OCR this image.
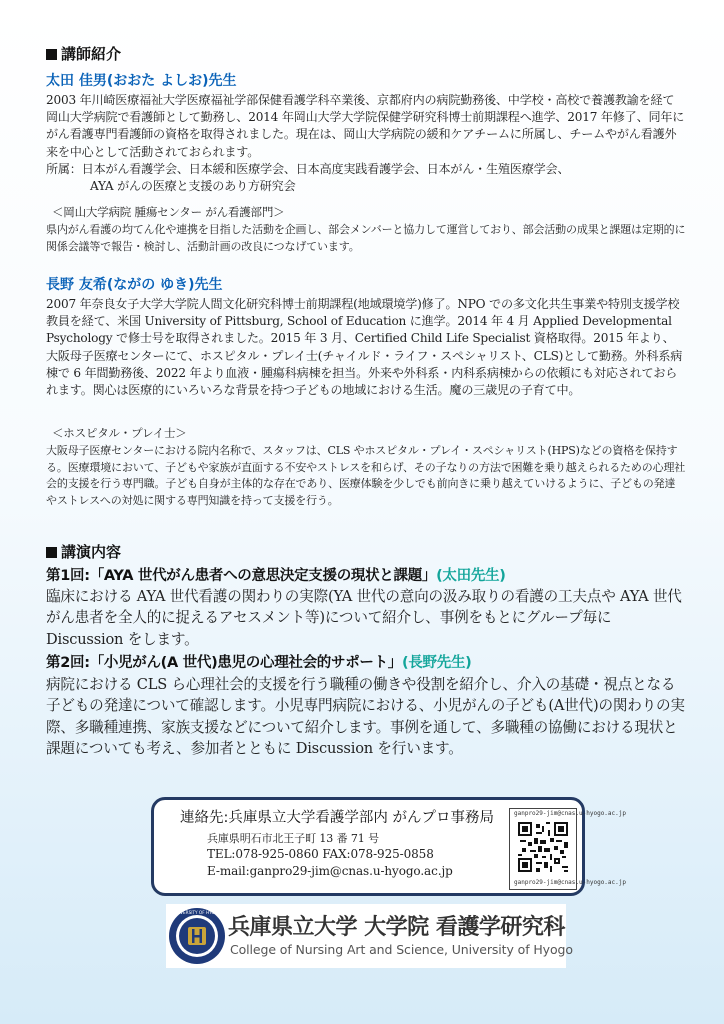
講師紹介
太田 佳男(おおた よしお)先生

2003 年川崎医療福祉大学医療福祉学部保健看護学科卒業後、京都府内の病院勤務後、中学校・高校で養護教諭を経て岡山大学病院で看護師として勤務し、2014 年岡山大学大学院保健学研究科博士前期課程へ進学、2017 年修了、同年にがん看護専門看護師の資格を取得されました。現在は、岡山大学病院の緩和ケアチームに所属し、チームやがん看護外来を中心として活動されておられます。

所属： 日本がん看護学会、日本緩和医療学会、日本高度実践看護学会、日本がん・生殖医療学会、
AYA がんの医療と支援のあり方研究会
＜岡山大学病院 腫瘍センター がん看護部門＞

県内がん看護の均てん化や連携を目指した活動を企画し、部会メンバーと協力して運営しており、部会活動の成果と課題は定期的に関係会議等で報告・検討し、活動計画の改良につなげています。

長野 友希(ながの ゆき)先生

2007 年奈良女子大学大学院人間文化研究科博士前期課程(地域環境学)修了。NPO での多文化共生事業や特別支援学校教員を経て、米国 University of Pittsburg, School of Education に進学。2014 年 4 月 Applied Developmental Psychology で修士号を取得されました。2015 年 3 月、Certified Child Life Specialist 資格取得。2015 年より、大阪母子医療センターにて、ホスピタル・プレイ士(チャイルド・ライフ・スペシャリスト、CLS)として勤務。外科系病棟で 6 年間勤務後、2022 年より血液・腫瘍科病棟を担当。外来や外科系・内科系病棟からの依頼にも対応されておられます。関心は医療的にいろいろな背景を持つ子どもの地域における生活。魔の三歳児の子育て中。

＜ホスピタル・プレイ士＞

大阪母子医療センターにおける院内名称で、スタッフは、CLS やホスピタル・プレイ・スペシャリスト(HPS)などの資格を保持する。医療環境において、子どもや家族が直面する不安やストレスを和らげ、その子なりの方法で困難を乗り越えられるための心理社会的支援を行う専門職。子ども自身が主体的な存在であり、医療体験を少しでも前向きに乗り越えていけるように、子どもの発達やストレスへの対処に関する専門知識を持って支援を行う。

講演内容
第1回:「AYA 世代がん患者への意思決定支援の現状と課題」(太田先生)

臨床における AYA 世代看護の関わりの実際(YA 世代の意向の汲み取りの看護の工夫点や AYA 世代がん患者を全人的に捉えるアセスメント等)について紹介し、事例をもとにグループ毎に Discussion をします。

第2回:「小児がん(A 世代)患児の心理社会的サポート」(長野先生)

病院における CLS ら心理社会的支援を行う職種の働きや役割を紹介し、介入の基礎・視点となる子どもの発達について確認します。小児専門病院における、小児がんの子ども(A世代)の関わりの実際、多職種連携、家族支援などについて紹介します。事例を通して、多職種の協働における現状と課題についても考え、参加者とともに Discussion を行います。

連絡先:兵庫県立大学看護学部内 がんプロ事務局
兵庫県明石市北王子町 13 番 71 号
TEL:078-925-0860 FAX:078-925-0858
E-mail:ganpro29-jim@cnas.u-hyogo.ac.jp
ganpro29-jim@cnas.u-hyogo.ac.jp
ganpro29-jim@cnas.u-hyogo.ac.jp
UNIVERSITY OF HYOGO
兵庫県立大学 大学院 看護学研究科
College of Nursing Art and Science, University of Hyogo
